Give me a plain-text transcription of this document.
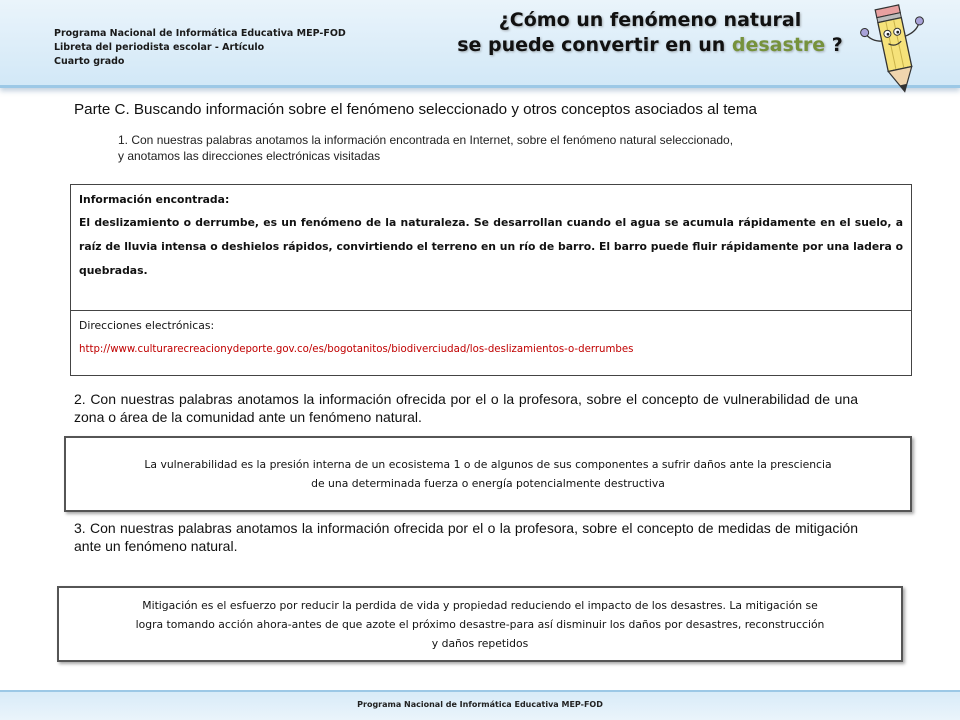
Programa Nacional de Informática Educativa MEP-FOD
Libreta del periodista escolar - Artículo
Cuarto grado
¿Cómo un fenómeno natural
se puede convertir en un desastre ?
Parte C. Buscando información sobre el fenómeno seleccionado y otros conceptos asociados al tema
1. Con nuestras palabras anotamos la información encontrada en Internet, sobre el fenómeno natural seleccionado,
y anotamos las direcciones electrónicas visitadas
Información encontrada:
El deslizamiento o derrumbe, es un fenómeno de la naturaleza. Se desarrollan cuando el agua se acumula rápidamente en el suelo, a raíz de lluvia intensa o deshielos rápidos, convirtiendo el terreno en un río de barro. El barro puede fluir rápidamente por una ladera o quebradas.
Direcciones electrónicas:
http://www.culturarecreacionydeporte.gov.co/es/bogotanitos/biodiverciudad/los-deslizamientos-o-derrumbes
2. Con nuestras palabras anotamos la información ofrecida por el o la profesora, sobre el concepto de vulnerabilidad de una zona o área de la comunidad ante un fenómeno natural.
La vulnerabilidad es la presión interna de un ecosistema 1 o de algunos de sus componentes a sufrir daños ante la presciencia
de una determinada fuerza o energía potencialmente destructiva
3. Con nuestras palabras anotamos la información ofrecida por el o la profesora, sobre el concepto de medidas de mitigación ante un fenómeno natural.
Mitigación es el esfuerzo por reducir la perdida de vida y propiedad reduciendo el impacto de los desastres. La mitigación se
logra tomando acción ahora-antes de que azote el próximo desastre-para así disminuir los daños por desastres, reconstrucción
y daños repetidos
Programa Nacional de Informática Educativa MEP-FOD
